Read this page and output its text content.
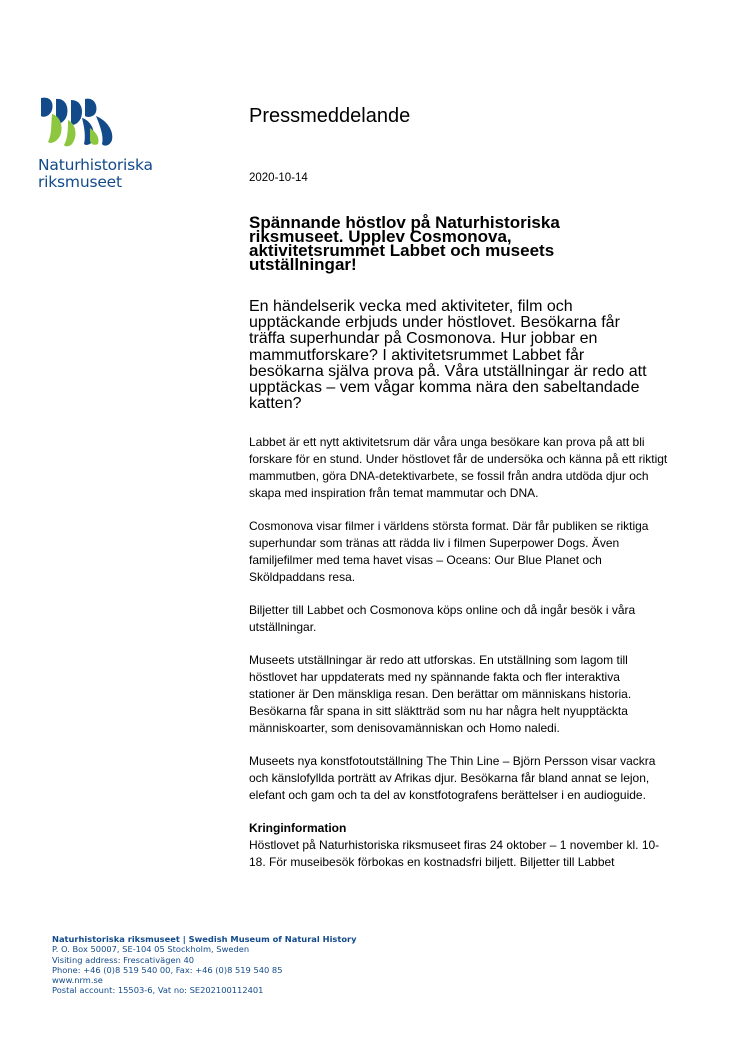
Naturhistoriska
riksmuseet
Pressmeddelande
2020-10-14
Spännande höstlov på Naturhistoriska riksmuseet. Upplev Cosmonova, aktivitetsrummet Labbet och museets utställningar!
En händelserik vecka med aktiviteter, film och upptäckande erbjuds under höstlovet. Besökarna får träffa superhundar på Cosmonova. Hur jobbar en mammutforskare? I aktivitetsrummet Labbet får besökarna själva prova på. Våra utställningar är redo att upptäckas – vem vågar komma nära den sabeltandade katten?

Labbet är ett nytt aktivitetsrum där våra unga besökare kan prova på att bli forskare för en stund. Under höstlovet får de undersöka och känna på ett riktigt mammutben, göra DNA-detektivarbete, se fossil från andra utdöda djur och skapa med inspiration från temat mammutar och DNA.

Cosmonova visar filmer i världens största format. Där får publiken se riktiga superhundar som tränas att rädda liv i filmen Superpower Dogs. Även familjefilmer med tema havet visas – Oceans: Our Blue Planet och Sköldpaddans resa.

Biljetter till Labbet och Cosmonova köps online och då ingår besök i våra utställningar.

Museets utställningar är redo att utforskas. En utställning som lagom till höstlovet har uppdaterats med ny spännande fakta och fler interaktiva stationer är Den mänskliga resan. Den berättar om människans historia. Besökarna får spana in sitt släktträd som nu har några helt nyupptäckta människoarter, som denisovamänniskan och Homo naledi.

Museets nya konstfotoutställning The Thin Line – Björn Persson visar vackra och känslofyllda porträtt av Afrikas djur. Besökarna får bland annat se lejon, elefant och gam och ta del av konstfotografens berättelser i en audioguide.

Kringinformation

Höstlovet på Naturhistoriska riksmuseet firas 24 oktober – 1 november kl. 10-18. För museibesök förbokas en kostnadsfri biljett. Biljetter till Labbet

Naturhistoriska riksmuseet | Swedish Museum of Natural History
P. O. Box 50007, SE-104 05 Stockholm, Sweden
Visiting address: Frescativägen 40
Phone: +46 (0)8 519 540 00, Fax: +46 (0)8 519 540 85
www.nrm.se
Postal account: 15503-6, Vat no: SE202100112401
